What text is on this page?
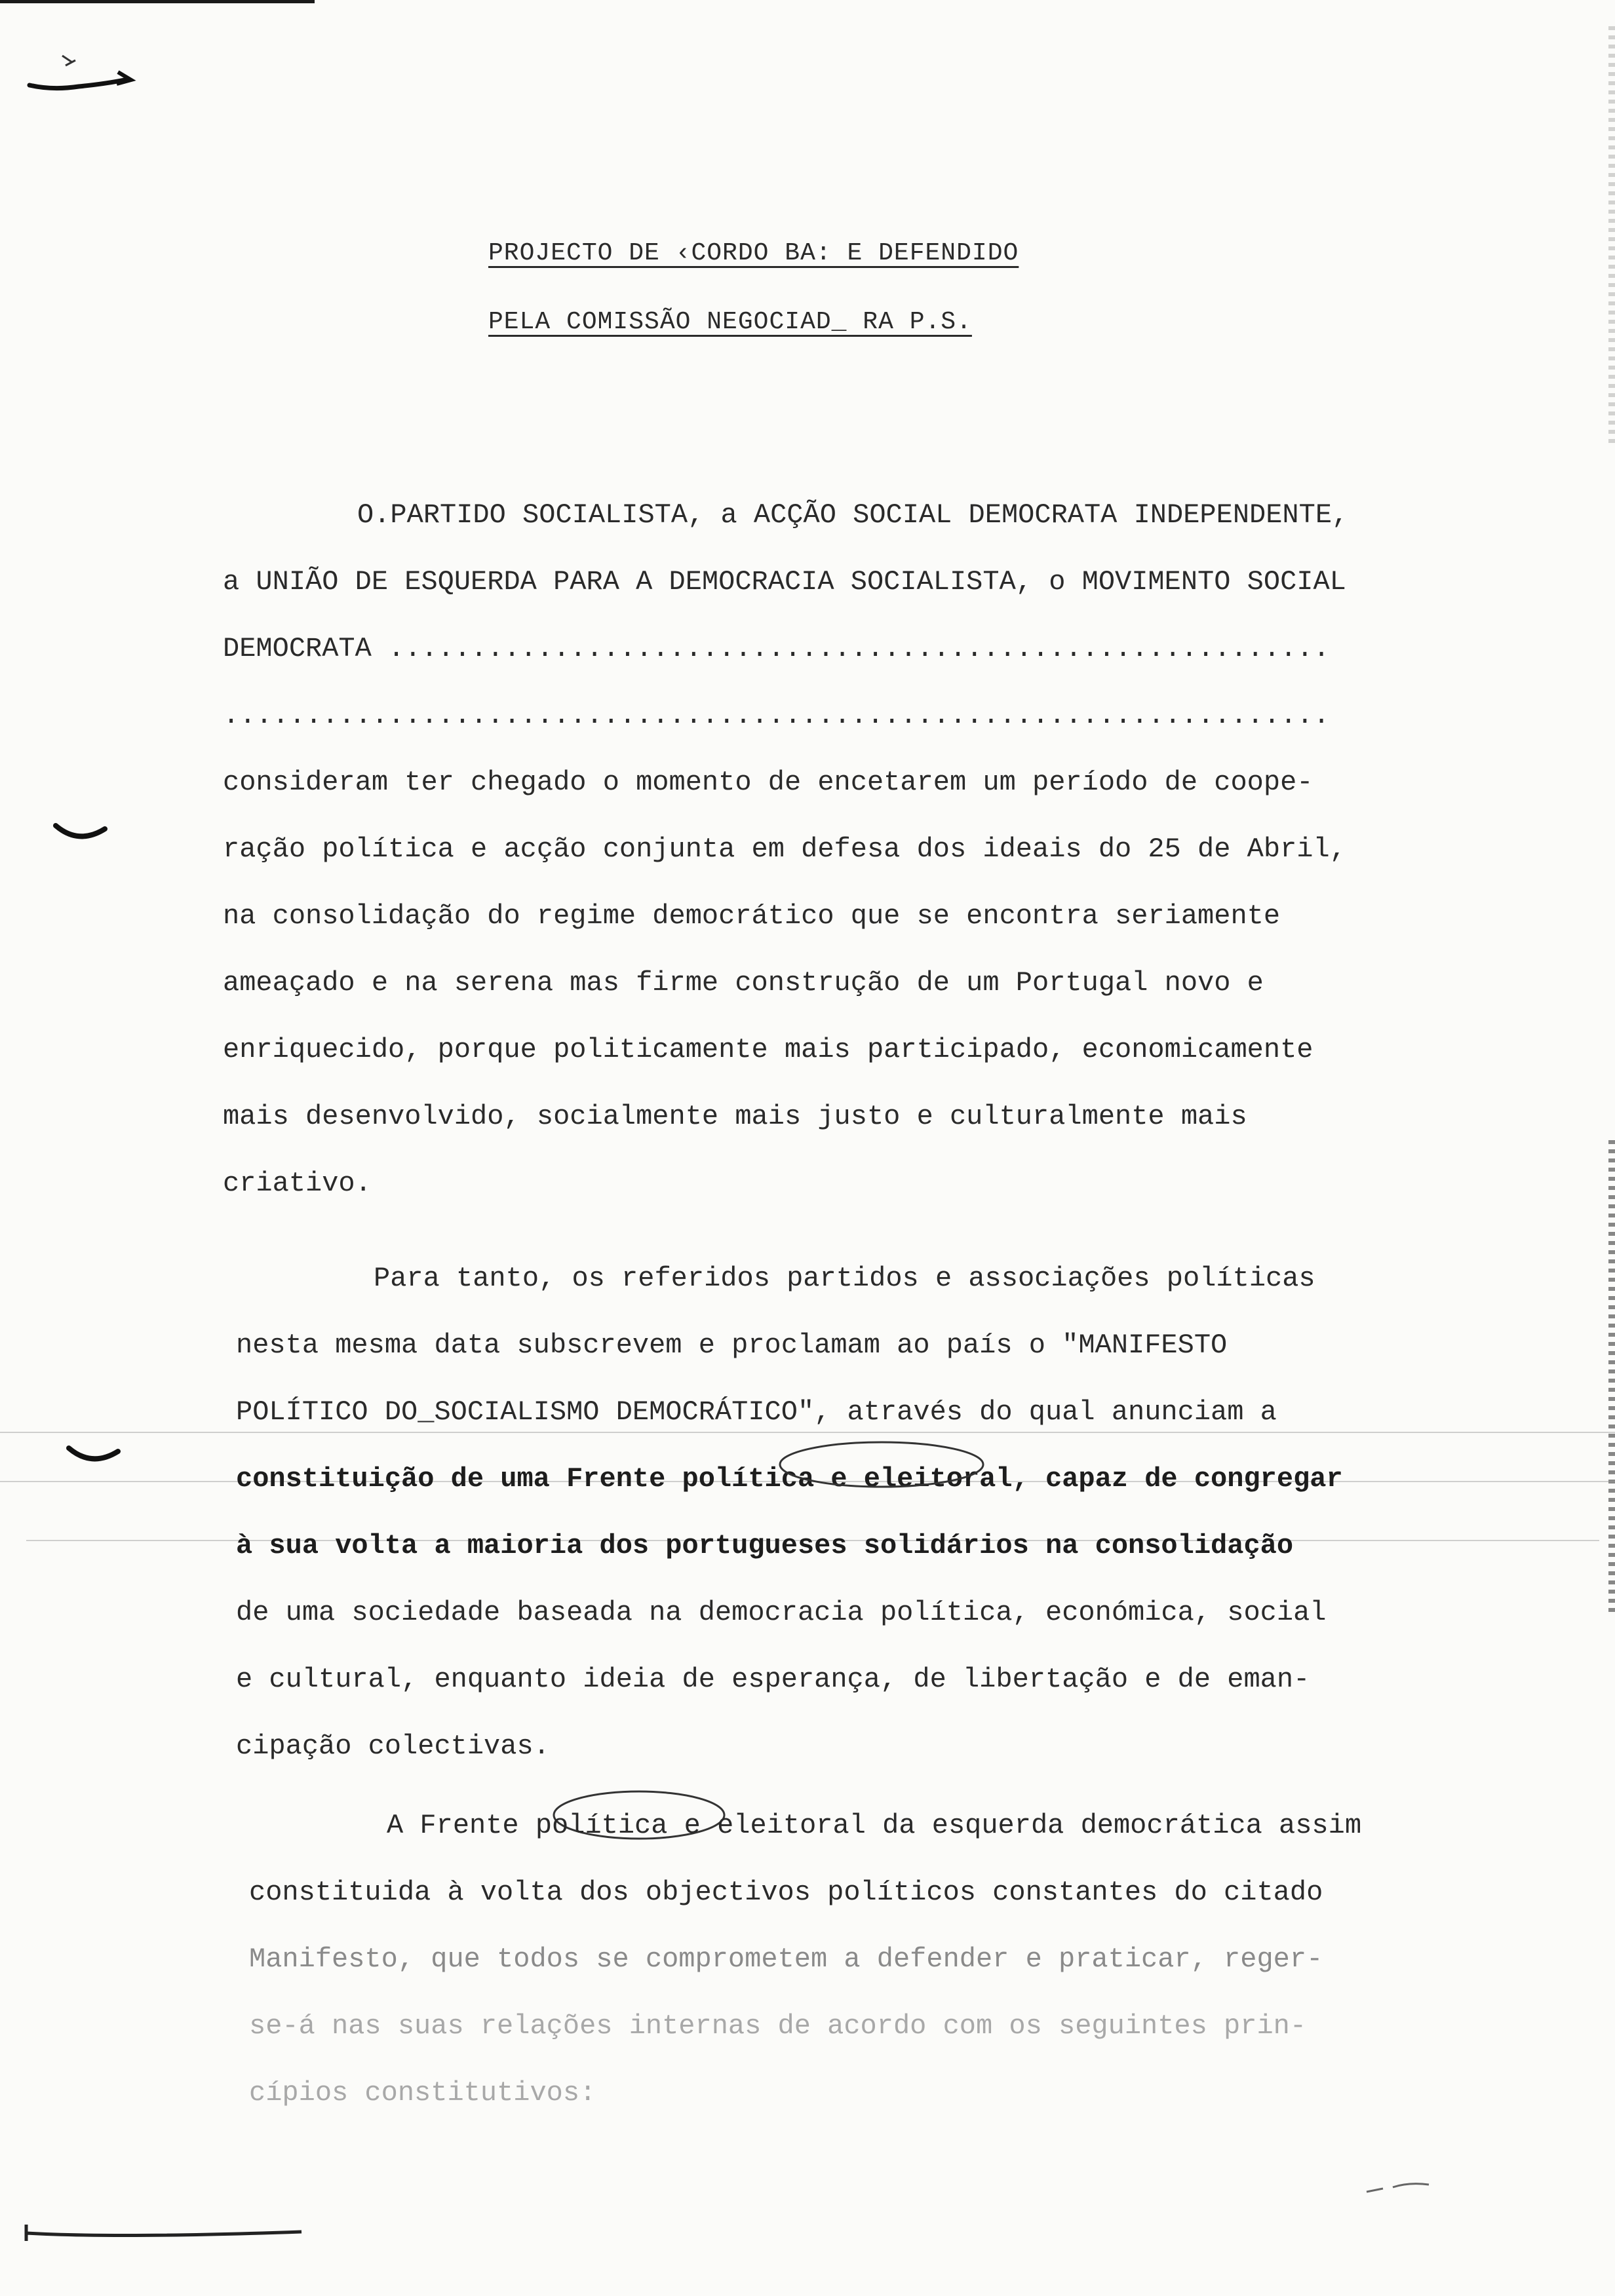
PROJECTO DE ‹CORDO BA: E DEFENDIDO
PELA COMISSÃO NEGOCIAD_ RA P.S.
O.PARTIDO SOCIALISTA, a ACÇÃO SOCIAL DEMOCRATA INDEPENDENTE,
a UNIÃO DE ESQUERDA PARA A DEMOCRACIA SOCIALISTA, o MOVIMENTO SOCIAL
DEMOCRATA .........................................................
...................................................................
consideram ter chegado o momento de encetarem um período de coope-
ração política e acção conjunta em defesa dos ideais do 25 de Abril,
na consolidação do regime democrático que se encontra seriamente
ameaçado e na serena mas firme construção de um Portugal novo e
enriquecido, porque politicamente mais participado, economicamente
mais desenvolvido, socialmente mais justo e culturalmente mais
criativo.
Para tanto, os referidos partidos e associações políticas
nesta mesma data subscrevem e proclamam ao país o "MANIFESTO
POLÍTICO DO_SOCIALISMO DEMOCRÁTICO", através do qual anunciam a
constituição de uma Frente política e eleitoral, capaz de congregar
à sua volta a maioria dos portugueses solidários na consolidação
de uma sociedade baseada na democracia política, económica, social
e cultural, enquanto ideia de esperança, de libertação e de eman-
cipação colectivas.
A Frente política e eleitoral da esquerda democrática assim
constituida à volta dos objectivos políticos constantes do citado
Manifesto, que todos se comprometem a defender e praticar, reger-
se-á nas suas relações internas de acordo com os seguintes prin-
cípios constitutivos:
